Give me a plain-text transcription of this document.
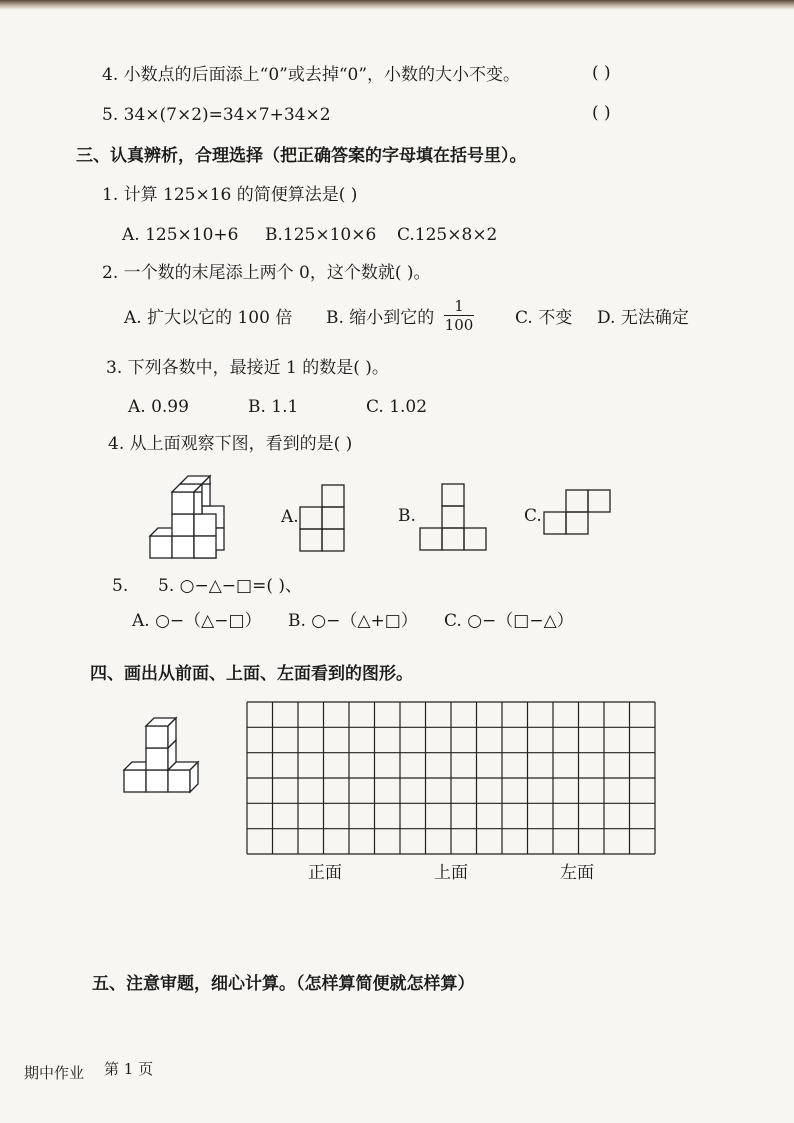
4. 小数点的后面添上“0”或去掉“0”，小数的大小不变。	( )
5. 34×(7×2)=34×7+34×2	( )
三、认真辨析，合理选择（把正确答案的字母填在括号里）。
1. 计算 125×16 的简便算法是( )
A. 125×10+6 B.125×10×6 C.125×8×2
2. 一个数的末尾添上两个 0，这个数就( )。
A. 扩大以它的 100 倍 B. 缩小到它的
1
100 C. 不变 D. 无法确定
3. 下列各数中，最接近 1 的数是( )。
A. 0.99	B. 1.1	C. 1.02
4. 从上面观察下图，看到的是( )
A.	B.	C.
5. 5. ○−△−□=( )、
A. ○−（△−□） B. ○−（△+□） C. ○−（□−△）
四、画出从前面、上面、左面看到的图形。
正面	上面	左面
五、注意审题，细心计算。（怎样算简便就怎样算）
期中作业 第 1 页
